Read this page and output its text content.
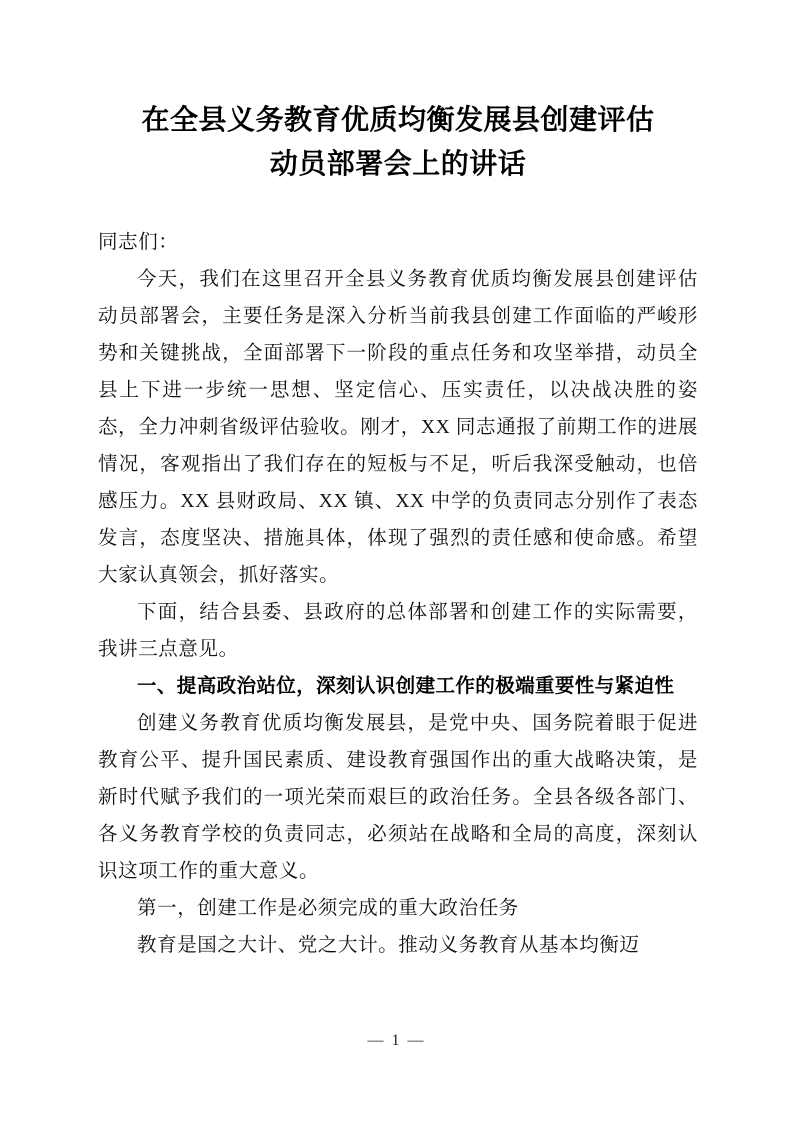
在全县义务教育优质均衡发展县创建评估
动员部署会上的讲话

同志们：

今天，我们在这里召开全县义务教育优质均衡发展县创建评估动员部署会，主要任务是深入分析当前我县创建工作面临的严峻形势和关键挑战，全面部署下一阶段的重点任务和攻坚举措，动员全县上下进一步统一思想、坚定信心、压实责任，以决战决胜的姿态，全力冲刺省级评估验收。刚才，XX 同志通报了前期工作的进展情况，客观指出了我们存在的短板与不足，听后我深受触动，也倍感压力。XX 县财政局、XX 镇、XX 中学的负责同志分别作了表态发言，态度坚决、措施具体，体现了强烈的责任感和使命感。希望大家认真领会，抓好落实。

下面，结合县委、县政府的总体部署和创建工作的实际需要，我讲三点意见。

一、提高政治站位，深刻认识创建工作的极端重要性与紧迫性

创建义务教育优质均衡发展县，是党中央、国务院着眼于促进教育公平、提升国民素质、建设教育强国作出的重大战略决策，是新时代赋予我们的一项光荣而艰巨的政治任务。全县各级各部门、各义务教育学校的负责同志，必须站在战略和全局的高度，深刻认识这项工作的重大意义。

第一，创建工作是必须完成的重大政治任务

教育是国之大计、党之大计。推动义务教育从基本均衡迈

— 1 —
